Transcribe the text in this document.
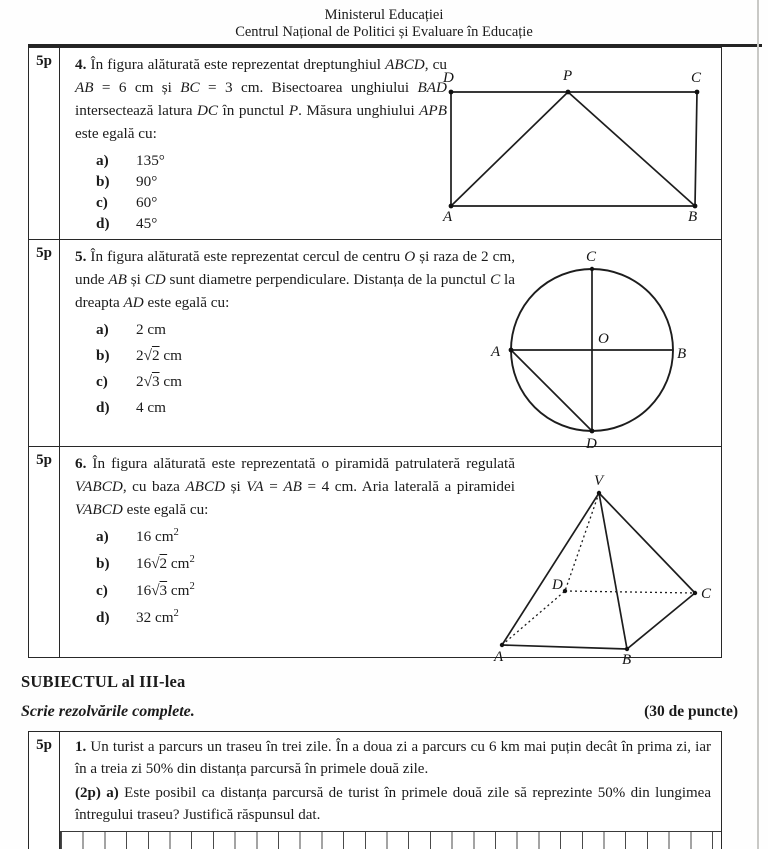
Ministerul Educației
Centrul Național de Politici și Evaluare în Educație
5p
D	P	C
A	B

4. În figura alăturată este reprezentat dreptunghiul ABCD, cu AB = 6 cm și BC = 3 cm. Bisectoarea unghiului BAD intersectează latura DC în punctul P. Măsura unghiului APB este egală cu:

a) 135°
b) 90°
c) 60°
d) 45°
5p	C
A	B
O
D

5. În figura alăturată este reprezentat cercul de centru O și raza de 2 cm, unde AB și CD sunt diametre perpendiculare. Distanța de la punctul C la dreapta AD este egală cu:

a) 2 cm
b) 2√2 cm
c) 2√3 cm
d) 4 cm
5p
V
A	B
C
D

6. În figura alăturată este reprezentată o piramidă patrulateră regulată VABCD, cu baza ABCD și VA = AB = 4 cm. Aria laterală a piramidei VABCD este egală cu:

a) 16 $cm^2$
b) 16√2 $cm^2$
c) 16√3 $cm^2$
d) 32 $cm^2$
SUBIECTUL al III-lea
Scrie rezolvările complete.	(30 de puncte)
5p	1. Un turist a parcurs un traseu în trei zile. În a doua zi a parcurs cu 6 km mai puțin decât în prima zi, iar în a treia zi 50% din distanța parcursă în primele două zile.

(2p) a) Este posibil ca distanța parcursă de turist în primele două zile să reprezinte 50% din lungimea întregului traseu? Justifică răspunsul dat.
